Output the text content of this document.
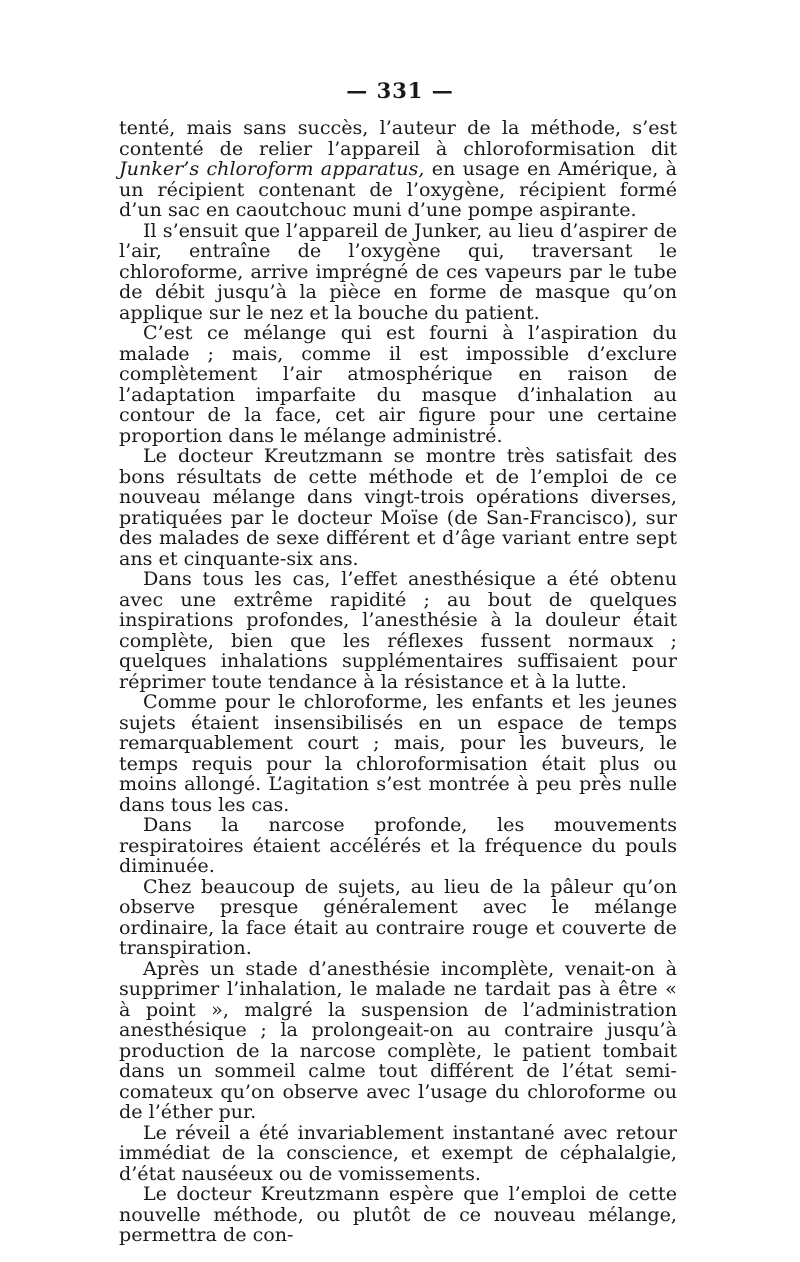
— 331 —

tenté, mais sans succès, l’auteur de la méthode, s’est contenté de relier l’appareil à chloroformisation dit Junker’s chloroform apparatus, en usage en Amérique, à un récipient contenant de l’oxygène, récipient formé d’un sac en caoutchouc muni d’une pompe aspirante.

Il s’ensuit que l’appareil de Junker, au lieu d’aspirer de l’air, entraîne de l’oxygène qui, traversant le chloroforme, arrive imprégné de ces vapeurs par le tube de débit jusqu’à la pièce en forme de masque qu’on applique sur le nez et la bouche du patient.

C’est ce mélange qui est fourni à l’aspiration du malade ; mais, comme il est impossible d’exclure complètement l’air atmosphérique en raison de l’adaptation imparfaite du masque d’inhalation au contour de la face, cet air figure pour une certaine proportion dans le mélange administré.

Le docteur Kreutzmann se montre très satisfait des bons résultats de cette méthode et de l’emploi de ce nouveau mélange dans vingt-trois opérations diverses, pratiquées par le docteur Moïse (de San-Francisco), sur des malades de sexe différent et d’âge variant entre sept ans et cinquante-six ans.

Dans tous les cas, l’effet anesthésique a été obtenu avec une extrême rapidité ; au bout de quelques inspirations profondes, l’anesthésie à la douleur était complète, bien que les réflexes fussent normaux ; quelques inhalations supplémentaires suffisaient pour réprimer toute tendance à la résistance et à la lutte.

Comme pour le chloroforme, les enfants et les jeunes sujets étaient insensibilisés en un espace de temps remarquablement court ; mais, pour les buveurs, le temps requis pour la chloroformisation était plus ou moins allongé. L’agitation s’est montrée à peu près nulle dans tous les cas.

Dans la narcose profonde, les mouvements respiratoires étaient accélérés et la fréquence du pouls diminuée.

Chez beaucoup de sujets, au lieu de la pâleur qu’on observe presque généralement avec le mélange ordinaire, la face était au contraire rouge et couverte de transpiration.

Après un stade d’anesthésie incomplète, venait-on à supprimer l’inhalation, le malade ne tardait pas à être « à point », malgré la suspension de l’administration anesthésique ; la prolongeait-on au contraire jusqu’à production de la narcose complète, le patient tombait dans un sommeil calme tout différent de l’état semi-comateux qu’on observe avec l’usage du chloroforme ou de l’éther pur.

Le réveil a été invariablement instantané avec retour immédiat de la conscience, et exempt de céphalalgie, d’état nauséeux ou de vomissements.

Le docteur Kreutzmann espère que l’emploi de cette nouvelle méthode, ou plutôt de ce nouveau mélange, permettra de con-
